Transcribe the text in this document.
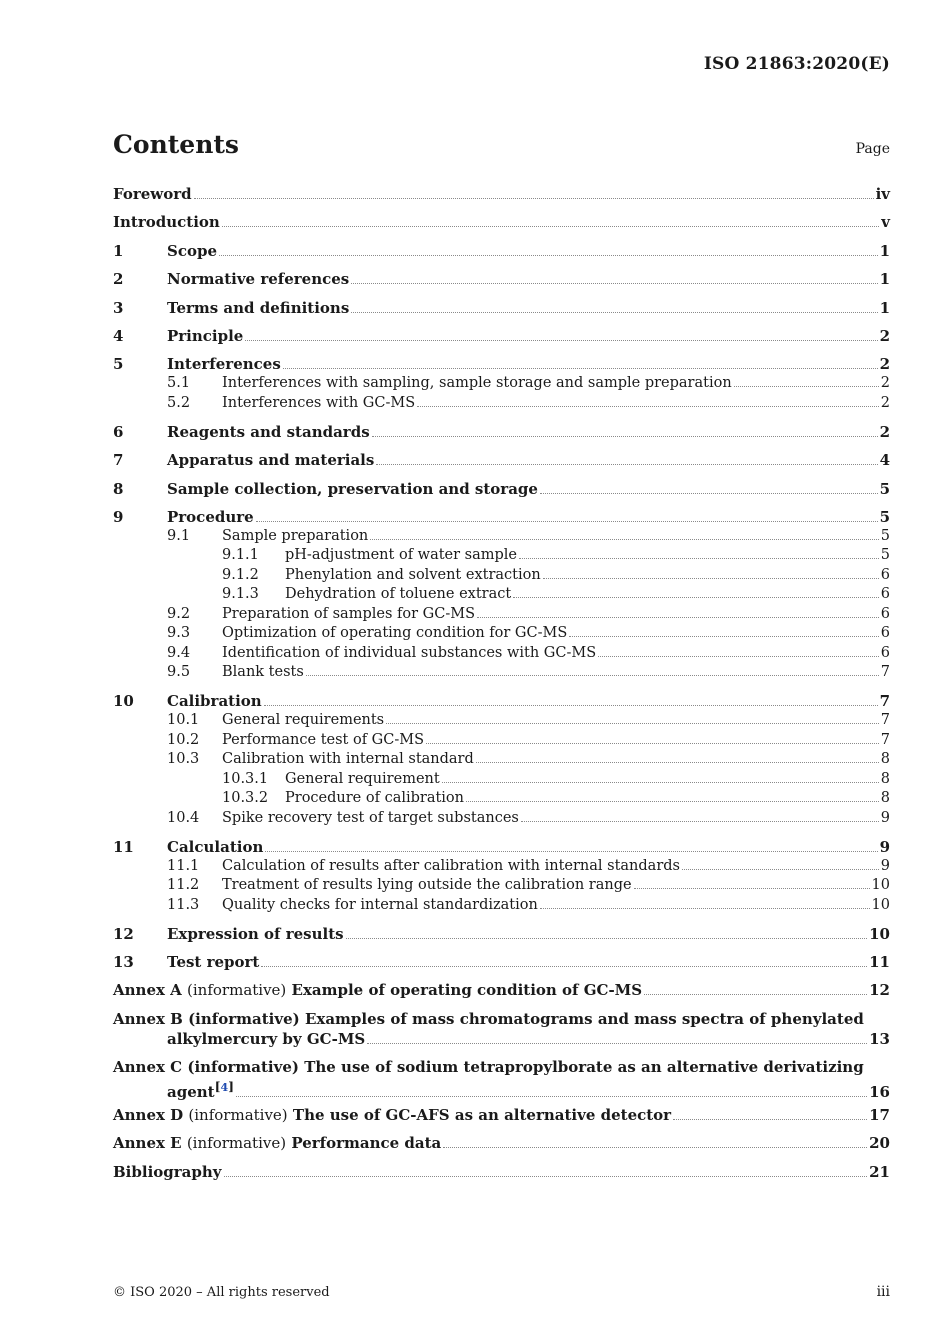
ISO 21863:2020(E)
Contents	Page
Foreword	iv
Introduction	v
1	Scope	1
2	Normative references	1
3	Terms and definitions	1
4	Principle	2
5	Interferences	2
5.1	Interferences with sampling, sample storage and sample preparation	2
5.2	Interferences with GC-MS	2
6	Reagents and standards	2
7	Apparatus and materials	4
8	Sample collection, preservation and storage	5
9	Procedure	5
9.1	Sample preparation	5
9.1.1	pH-adjustment of water sample	5
9.1.2	Phenylation and solvent extraction	6
9.1.3	Dehydration of toluene extract	6
9.2	Preparation of samples for GC-MS	6
9.3	Optimization of operating condition for GC-MS	6
9.4	Identification of individual substances with GC-MS	6
9.5	Blank tests	7
10	Calibration	7
10.1	General requirements	7
10.2	Performance test of GC-MS	7
10.3	Calibration with internal standard	8
10.3.1	General requirement	8
10.3.2	Procedure of calibration	8
10.4	Spike recovery test of target substances	9
11	Calculation	9
11.1	Calculation of results after calibration with internal standards	9
11.2	Treatment of results lying outside the calibration range	10
11.3	Quality checks for internal standardization	10
12	Expression of results	10
13	Test report	11
Annex A (informative) Example of operating condition of GC-MS	12
Annex B (informative) Examples of mass chromatograms and mass spectra of phenylated
alkylmercury by GC-MS	13
Annex C (informative) The use of sodium tetrapropylborate as an alternative derivatizing
agent[4]	16
Annex D (informative) The use of GC-AFS as an alternative detector	17
Annex E (informative) Performance data	20
Bibliography	21
© ISO 2020 – All rights reserved	iii
